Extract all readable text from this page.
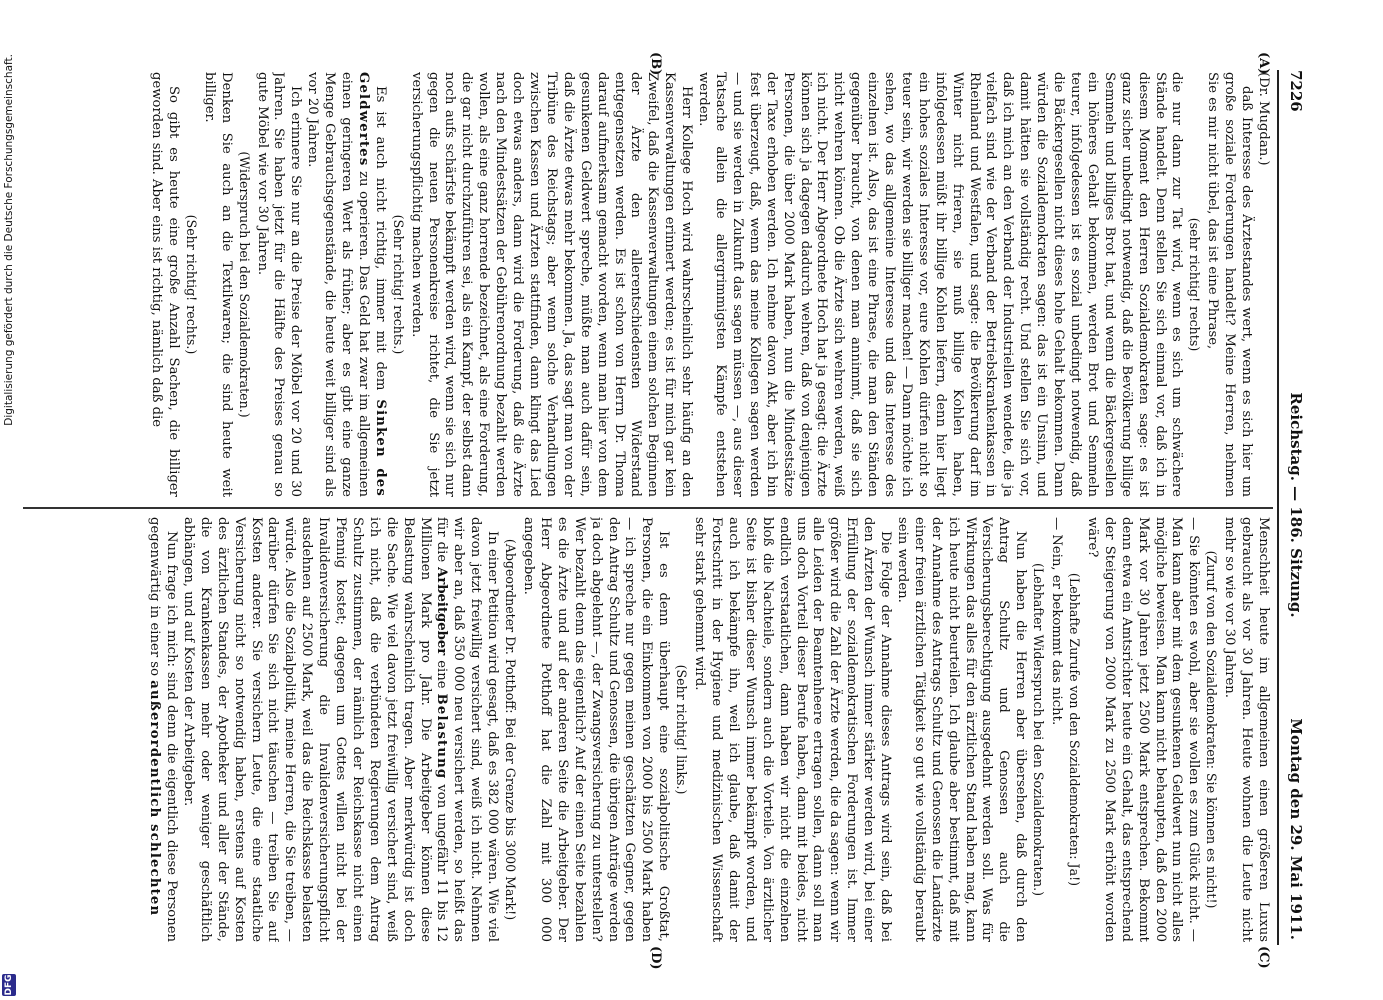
7226
Reichstag. — 186. Sitzung.
Montag den 29. Mai 1911.
(A)
(B)
(C)
(D)

(Dr. Mugdan.)

daß Interesse des Ärztestandes wert, wenn es sich hier um große soziale Forderungen handelt? Meine Herren, nehmen Sie es mir nicht übel, das ist eine Phrase,

(sehr richtig! rechts)

die nur dann zur Tat wird, wenn es sich um schwächere Stände handelt. Denn stellen Sie sich einmal vor, daß ich in diesem Moment den Herren Sozialdemokraten sage: es ist ganz sicher unbedingt notwendig, daß die Bevölkerung billige Semmeln und billiges Brot hat, und wenn die Bäckergesellen ein höheres Gehalt bekommen, werden Brot und Semmeln teurer, infolgedessen ist es sozial unbedingt notwendig, daß die Bäckergesellen nicht dieses hohe Gehalt bekommen. Dann würden die Sozialdemokraten sagen: das ist ein Unsinn, und damit hätten sie vollständig recht. Und stellen Sie sich vor, daß ich mich an den Verband der Industriellen wendete, die ja vielfach sind wie der Verband der Betriebskrankenkassen in Rheinland und Westfalen, und sagte: die Bevölkerung darf im Winter nicht frieren, sie muß billige Kohlen haben, infolgedessen müßt ihr billige Kohlen liefern, denn hier liegt ein hohes soziales Interesse vor, eure Kohlen dürfen nicht so teuer sein, wir werden sie billiger machen! — Dann möchte ich sehen, wo das allgemeine Interesse und das Interesse des einzelnen ist. Also, das ist eine Phrase, die man den Ständen gegenüber braucht, von denen man annimmt, daß sie sich nicht wehren können. Ob die Ärzte sich wehren werden, weiß ich nicht. Der Herr Abgeordnete Hoch hat ja gesagt: die Ärzte können sich ja dagegen dadurch wehren, daß von denjenigen Personen, die über 2000 Mark haben, nun die Mindestsätze der Taxe erhoben werden. Ich nehme davon Akt, aber ich bin fest überzeugt, daß, wenn das meine Kollegen sagen werden — und sie werden in Zukunft das sagen müssen —, aus dieser Tatsache allein die allergrimmigsten Kämpfe entstehen werden.

Herr Kollege Hoch wird wahrscheinlich sehr häufig an den Kassenverwaltungen erinnert werden; es ist für mich gar kein Zweifel, daß die Kassenverwaltungen einem solchen Beginnen der Ärzte den allerentschiedensten Widerstand entgegensetzen werden. Es ist schon von Herrn Dr. Thoma darauf aufmerksam gemacht worden, wenn man hier von dem gesunkenen Geldwert spreche, müßte man auch dafür sein, daß die Ärzte etwas mehr bekommen. Ja, das sagt man von der Tribüne des Reichstags; aber wenn solche Verhandlungen zwischen Kassen und Ärzten stattfinden, dann klingt das Lied doch etwas anders, dann wird die Forderung, daß die Ärzte nach den Mindestsätzen der Gebührenordnung bezahlt werden wollen, als eine ganz horrende bezeichnet, als eine Forderung, die gar nicht durchzuführen sei, als ein Kampf, der selbst dann noch aufs schärfste bekämpft werden wird, wenn sie sich nur gegen die neuen Personenkreise richtet, die Sie jetzt versicherungspflichtig machen werden.

(Sehr richtig! rechts.)

Es ist auch nicht richtig, immer mit dem Sinken des Geldwertes zu operieren. Das Geld hat zwar im allgemeinen einen geringeren Wert als früher; aber es gibt eine ganze Menge Gebrauchsgegenstände, die heute weit billiger sind als vor 20 Jahren.

Ich erinnere Sie nur an die Preise der Möbel vor 20 und 30 Jahren. Sie haben jetzt für die Hälfte des Preises genau so gute Möbel wie vor 30 Jahren.

(Widerspruch bei den Sozialdemokraten.)

Denken Sie auch an die Textilwaren; die sind heute weit billiger.

(Sehr richtig! rechts.)

So gibt es heute eine große Anzahl Sachen, die billiger geworden sind. Aber eins ist richtig, nämlich daß die

Menschheit heute im allgemeinen einen größeren Luxus gebraucht als vor 30 Jahren. Heute wohnen die Leute nicht mehr so wie vor 30 Jahren.

(Zuruf von den Sozialdemokraten: Sie können es nicht!)

— Sie könnten es wohl, aber sie wollen es zum Glück nicht. — Man kann aber mit dem gesunkenen Geldwert nun nicht alles mögliche beweisen. Man kann nicht behaupten, daß den 2000 Mark vor 30 Jahren jetzt 2500 Mark entsprechen. Bekommt denn etwa ein Amtsrichter heute ein Gehalt, das entsprechend der Steigerung von 2000 Mark zu 2500 Mark erhöht worden wäre?

(Lebhafte Zurufe von den Sozialdemokraten: Ja!)

— Nein, er bekommt das nicht.

(Lebhafter Widerspruch bei den Sozialdemokraten.)

Nun haben die Herren aber übersehen, daß durch den Antrag Schultz und Genossen auch die Versicherungsberechtigung ausgedehnt werden soll. Was für Wirkungen das alles für den ärztlichen Stand haben mag, kann ich heute nicht beurteilen. Ich glaube aber bestimmt, daß mit der Annahme des Antrags Schultz und Genossen die Landärzte einer freien ärztlichen Tätigkeit so gut wie vollständig beraubt sein werden.

Die Folge der Annahme dieses Antrags wird sein, daß bei den Ärzten der Wunsch immer stärker werden wird, bei einer Erfüllung der sozialdemokratischen Forderungen ist. Immer größer wird die Zahl der Ärzte werden, die da sagen: wenn wir alle Leiden der Beamtenheere ertragen sollen, dann soll man uns doch Vorteil dieser Berufe haben, dann mit beides, nicht endlich verstaatlichen, dann haben wir nicht die einzelnen bloß die Nachteile, sondern auch die Vorteile. Von ärztlicher Seite ist bisher dieser Wunsch immer bekämpft worden, und auch ich bekämpfe ihn, weil ich glaube, daß damit der Fortschritt in der Hygiene und medizinischen Wissenschaft sehr stark gehemmt wird.

(Sehr richtig! links.)

Ist es denn überhaupt eine sozialpolitische Großtat, Personen, die ein Einkommen von 2000 bis 2500 Mark haben — ich spreche nur gegen meinen geschätzten Gegner, gegen den Antrag Schultz und Genossen, die übrigen Anträge werden ja doch abgelehnt —, der Zwangsversicherung zu unterstellen? Wer bezahlt denn das eigentlich? Auf der einen Seite bezahlen es die Ärzte und auf der anderen Seite die Arbeitgeber. Der Herr Abgeordnete Potthoff hat die Zahl mit 300 000 angegeben.

(Abgeordneter Dr. Potthoff: Bei der Grenze bis 3000 Mark!)

In einer Petition wird gesagt, daß es 382 000 wären. Wie viel davon jetzt freiwillig versichert sind, weiß ich nicht. Nehmen wir aber an, daß 350 000 neu versichert werden, so heißt das für die Arbeitgeber eine Belastung von ungefähr 11 bis 12 Millionen Mark pro Jahr. Die Arbeitgeber können diese Belastung wahrscheinlich tragen. Aber merkwürdig ist doch die Sache. Wie viel davon jetzt freiwillig versichert sind, weiß ich nicht, daß die verbündeten Regierungen dem Antrag Schultz zustimmen, der nämlich der Reichskasse nicht einen Pfennig kostet; dagegen um Gottes willen nicht bei der Invalidenversicherung die Invalidenversicherungspflicht ausdehnen auf 2500 Mark, weil das die Reichskasse belasten würde. Also die Sozialpolitik, meine Herren, die Sie treiben, — darüber dürfen Sie sich nicht täuschen — treiben Sie auf Kosten anderer. Sie versichern Leute, die eine staatliche Versicherung nicht so notwendig haben, erstens auf Kosten des ärztlichen Standes, der Apotheker und aller der Stände, die von Krankenkassen mehr oder weniger geschäftlich abhängen, und auf Kosten der Arbeitgeber.

Nun frage ich mich: sind denn die eigentlich diese Personen gegenwärtig in einer so außerordentlich schlechten

DFG
Digitalisierung gefördert durch die Deutsche Forschungsgemeinschaft.
